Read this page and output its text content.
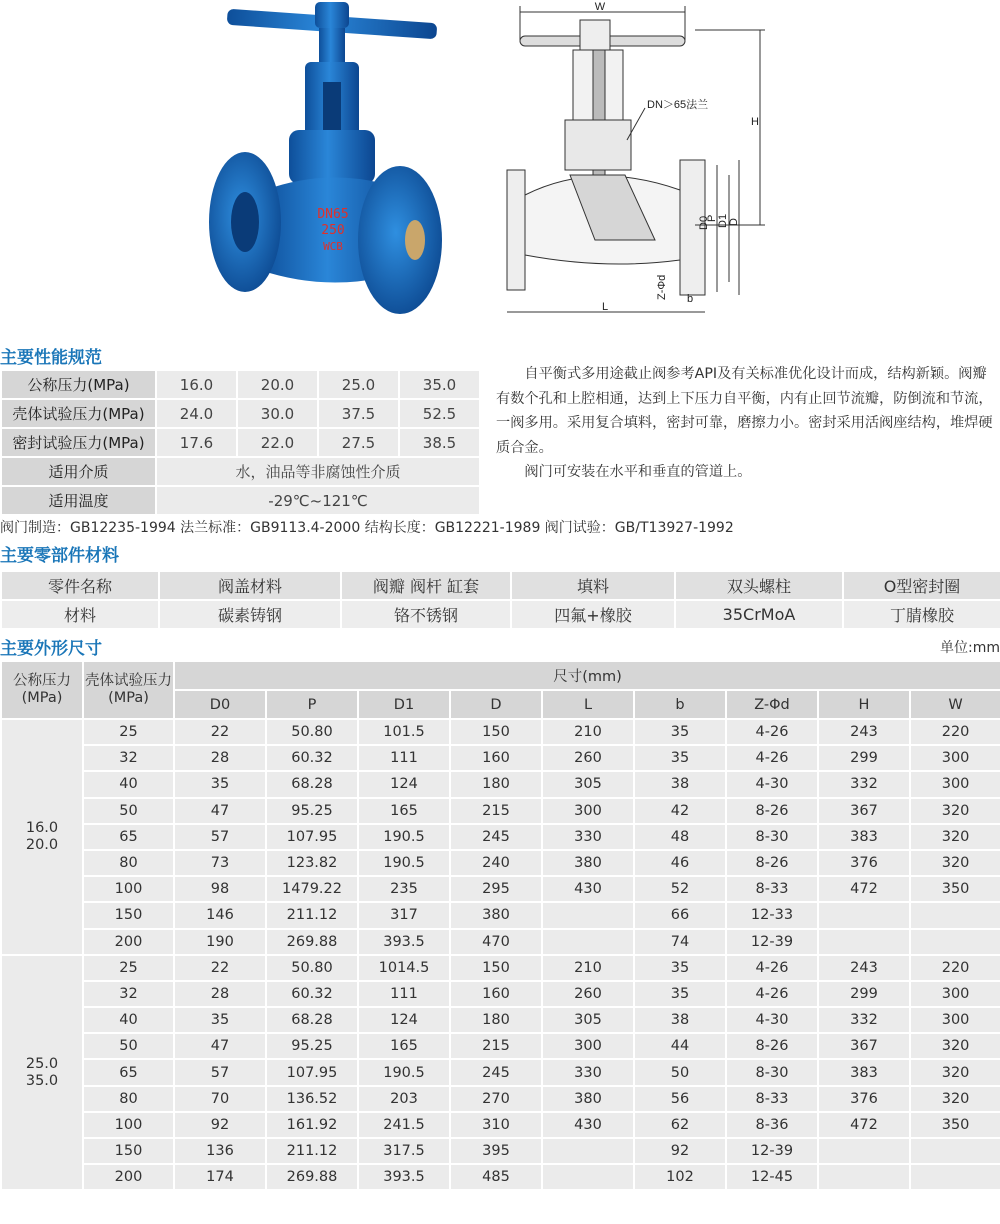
DN65
250
WCB
W
H
L
D0
P D1 D
Z-Φd b
DN＞65法兰
主要性能规范
公称压力(MPa)	16.0	20.0	25.0	35.0
壳体试验压力(MPa)	24.0	30.0	37.5	52.5
密封试验压力(MPa)	17.6	22.0	27.5	38.5
适用介质	水，油品等非腐蚀性介质			
适用温度	-29℃~121℃			

自平衡式多用途截止阀参考API及有关标准优化设计而成，结构新颖。阀瓣有数个孔和上腔相通，达到上下压力自平衡，内有止回节流瓣，防倒流和节流，一阀多用。采用复合填料，密封可靠，磨擦力小。密封采用活阀座结构，堆焊硬质合金。

阀门可安装在水平和垂直的管道上。

阀门制造：GB12235-1994 法兰标准：GB9113.4-2000 结构长度：GB12221-1989 阀门试验：GB/T13927-1992
主要零部件材料
零件名称	阀盖材料	阀瓣 阀杆 缸套	填料	双头螺柱	O型密封圈
材料	碳素铸钢	铬不锈钢	四氟+橡胶	35CrMoA	丁腈橡胶
主要外形尺寸	单位:mm
公称压力(MPa)	壳体试验压力(MPa)	尺寸(mm)								
		D0	P	D1	D	L	b	Z-Φd	H	W

16.0
20.0	25	22	50.80	101.5	150	210	35	4-26	243	220
	32	28	60.32	111	160	260	35	4-26	299	300
	40	35	68.28	124	180	305	38	4-30	332	300
	50	47	95.25	165	215	300	42	8-26	367	320
	65	57	107.95	190.5	245	330	48	8-30	383	320
	80	73	123.82	190.5	240	380	46	8-26	376	320
	100	98	1479.22	235	295	430	52	8-33	472	350
	150	146	211.12	317	380		66	12-33		
	200	190	269.88	393.5	470		74	12-39		

25.0
35.0	25	22	50.80	1014.5	150	210	35	4-26	243	220
	32	28	60.32	111	160	260	35	4-26	299	300
	40	35	68.28	124	180	305	38	4-30	332	300
	50	47	95.25	165	215	300	44	8-26	367	320
	65	57	107.95	190.5	245	330	50	8-30	383	320
	80	70	136.52	203	270	380	56	8-33	376	320
	100	92	161.92	241.5	310	430	62	8-36	472	350
	150	136	211.12	317.5	395		92	12-39		
	200	174	269.88	393.5	485		102	12-45		
